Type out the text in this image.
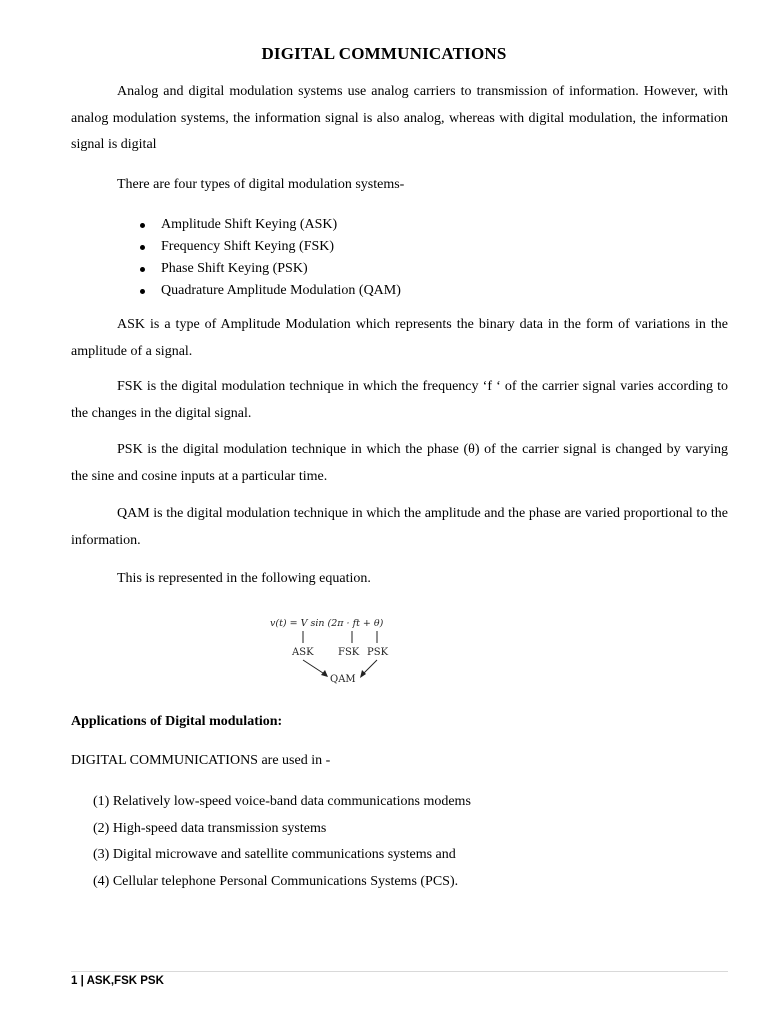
DIGITAL COMMUNICATIONS

Analog and digital modulation systems use analog carriers to transmission of information. However, with analog modulation systems, the information signal is also analog, whereas with digital modulation, the information signal is digital

There are four types of digital modulation systems-
Amplitude Shift Keying (ASK)
Frequency Shift Keying (FSK)
Phase Shift Keying (PSK)
Quadrature Amplitude Modulation (QAM)

ASK is a type of Amplitude Modulation which represents the binary data in the form of variations in the amplitude of a signal.

FSK is the digital modulation technique in which the frequency ‘f ‘ of the carrier signal varies according to the changes in the digital signal.

PSK is the digital modulation technique in which the phase (θ) of the carrier signal is changed by varying the sine and cosine inputs at a particular time.

QAM is the digital modulation technique in which the amplitude and the phase are varied proportional to the information.

This is represented in the following equation.
v(t) = V sin (2π · ft + θ)
ASK FSK PSK
QAM
Applications of Digital modulation:
DIGITAL COMMUNICATIONS are used in -
(1) Relatively low-speed voice-band data communications modems
(2) High-speed data transmission systems
(3) Digital microwave and satellite communications systems and
(4) Cellular telephone Personal Communications Systems (PCS).
1 | ASK,FSK PSK
